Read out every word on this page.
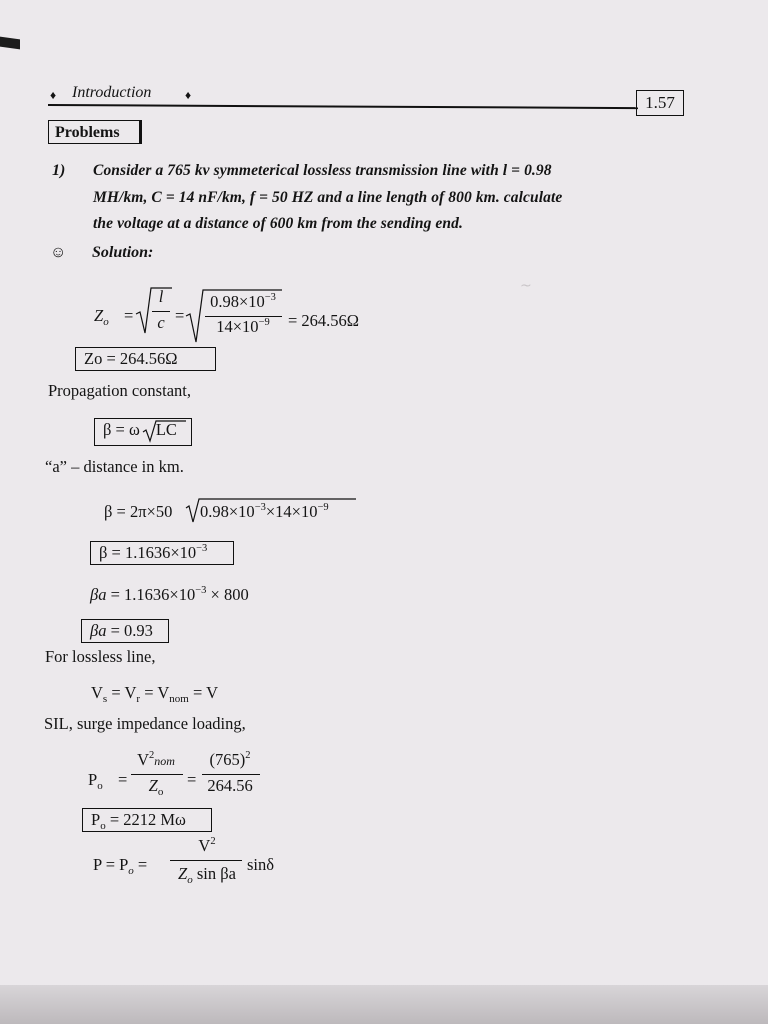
~
♦ Introduction	♦	1.57
Problems
1) Consider a 765 kv symmeterical lossless transmission line with l = 0.98
MH/km, C = 14 nF/km, f = 50 HZ and a line length of 800 km. calculate
the voltage at a distance of 600 km from the sending end.
☺ Solution:
$Z_o$ =
l
c =
$0.98\times 10^{-3}$
$14\times 10^{-9}$	= 264.56Ω
Zo = 264.56Ω
Propagation constant,
β = ω LC
“a” – distance in km.
β = 2π×50 $0.98\times 10^{-3}\times 14\times 10^{-9}$
$\beta = 1.1636\times 10^{-3}$
$\beta a = 1.1636\times 10^{-3} \times 800$
βa = 0.93
For lossless line,
$V_s = V_r = V_{nom} = V$
SIL, surge impedance loading,
$P_o$ =
$V^2nom$
$Z_o$
=
$(765)^2$
264.56
$P_o = 2212$ Mω
$P = P_o$ =
$V^2$
$Z_o$ sin βa sinδ
